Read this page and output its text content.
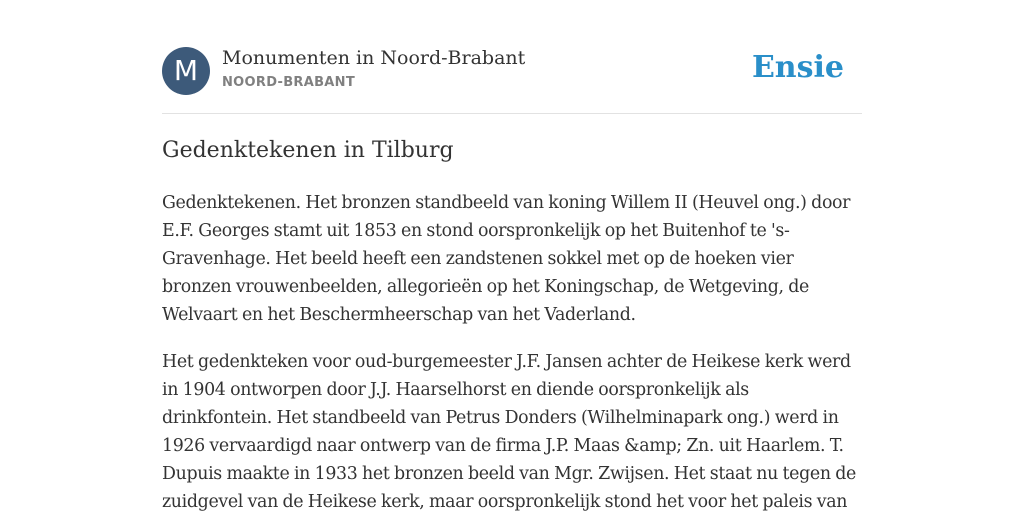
M	Monumenten in Noord-Brabant
NOORD-BRABANT	Ensie
Gedenktekenen in Tilburg

Gedenktekenen. Het bronzen standbeeld van koning Willem II (Heuvel ong.) door E.F. Georges stamt uit 1853 en stond oorspronkelijk op het Buitenhof te 's-Gravenhage. Het beeld heeft een zandstenen sokkel met op de hoeken vier bronzen vrouwenbeelden, allegorieën op het Koningschap, de Wetgeving, de Welvaart en het Beschermheerschap van het Vaderland.

Het gedenkteken voor oud-burgemeester J.F. Jansen achter de Heikese kerk werd in 1904 ontworpen door J.J. Haarselhorst en diende oorspronkelijk als drinkfontein. Het standbeeld van Petrus Donders (Wilhelminapark ong.) werd in 1926 vervaardigd naar ontwerp van de firma J.P. Maas &amp; Zn. uit Haarlem. T. Dupuis maakte in 1933 het bronzen beeld van Mgr. Zwijsen. Het staat nu tegen de zuidgevel van de Heikese kerk, maar oorspronkelijk stond het voor het paleis van
